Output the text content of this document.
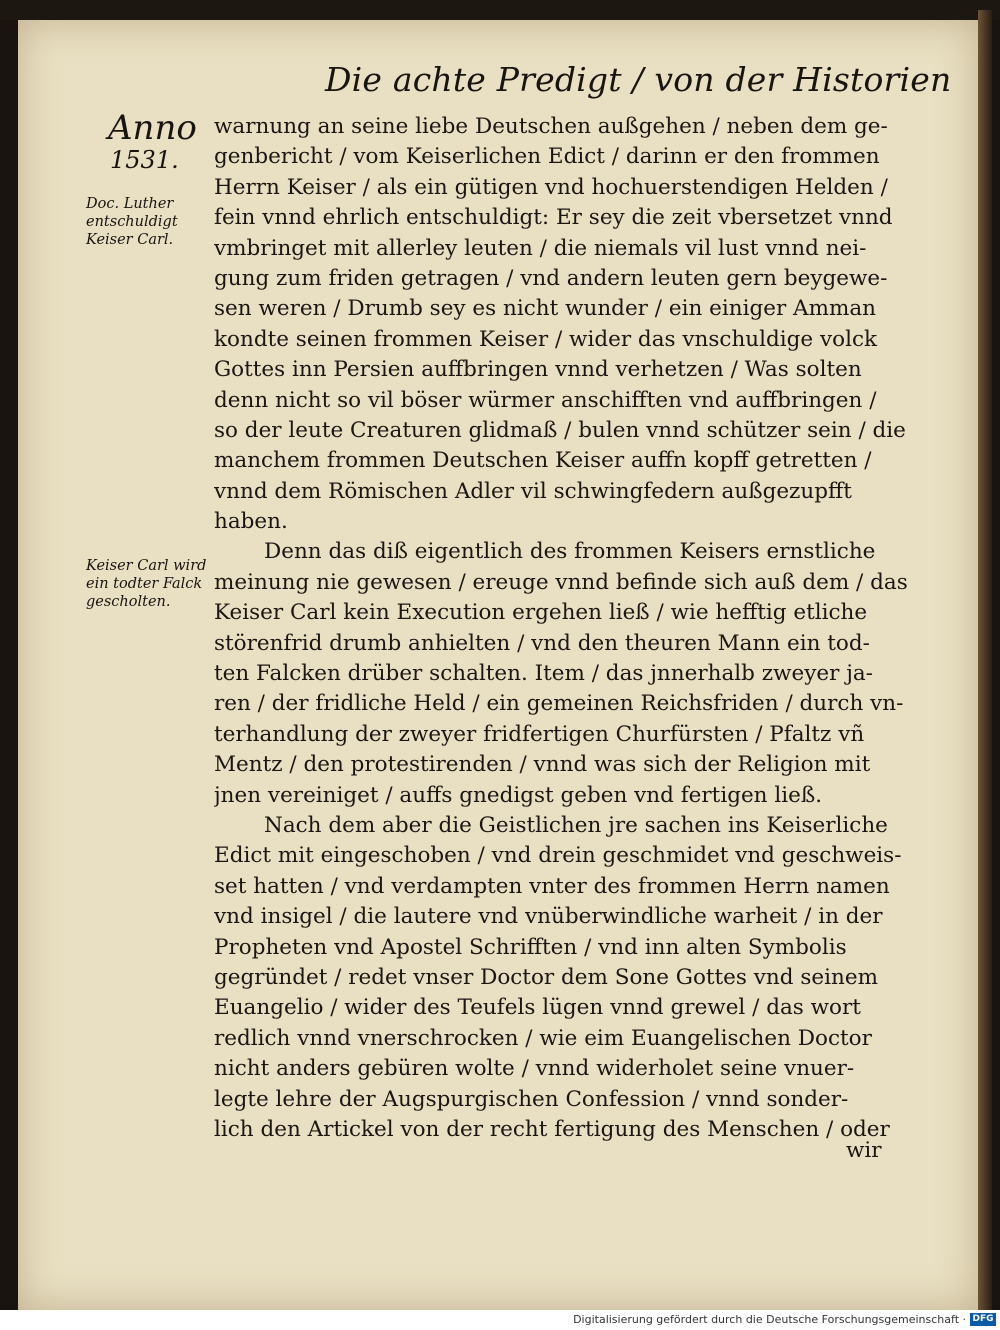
Die achte Predigt / von der Historien
Anno
1531.
Doc. Luther entschuldigt Keiser Carl.
Keiser Carl wird ein todter Falck gescholten.
warnung an seine liebe Deutschen außgehen / neben dem ge-
genbericht / vom Keiserlichen Edict / darinn er den frommen
Herrn Keiser / als ein gütigen vnd hochuerstendigen Helden /
fein vnnd ehrlich entschuldigt: Er sey die zeit vbersetzet vnnd
vmbringet mit allerley leuten / die niemals vil lust vnnd nei-
gung zum friden getragen / vnd andern leuten gern beygewe-
sen weren / Drumb sey es nicht wunder / ein einiger Amman
kondte seinen frommen Keiser / wider das vnschuldige volck
Gottes inn Persien auffbringen vnnd verhetzen / Was solten
denn nicht so vil böser würmer anschifften vnd auffbringen /
so der leute Creaturen glidmaß / bulen vnnd schützer sein / die
manchem frommen Deutschen Keiser auffn kopff getretten /
vnnd dem Römischen Adler vil schwingfedern außgezupfft
haben.
Denn das diß eigentlich des frommen Keisers ernstliche
meinung nie gewesen / ereuge vnnd befinde sich auß dem / das
Keiser Carl kein Execution ergehen ließ / wie hefftig etliche
störenfrid drumb anhielten / vnd den theuren Mann ein tod-
ten Falcken drüber schalten. Item / das jnnerhalb zweyer ja-
ren / der fridliche Held / ein gemeinen Reichsfriden / durch vn-
terhandlung der zweyer fridfertigen Churfürsten / Pfaltz vñ
Mentz / den protestirenden / vnnd was sich der Religion mit
jnen vereiniget / auffs gnedigst geben vnd fertigen ließ.
Nach dem aber die Geistlichen jre sachen ins Keiserliche
Edict mit eingeschoben / vnd drein geschmidet vnd geschweis-
set hatten / vnd verdampten vnter des frommen Herrn namen
vnd insigel / die lautere vnd vnüberwindliche warheit / in der
Propheten vnd Apostel Schrifften / vnd inn alten Symbolis
gegründet / redet vnser Doctor dem Sone Gottes vnd seinem
Euangelio / wider des Teufels lügen vnnd grewel / das wort
redlich vnnd vnerschrocken / wie eim Euangelischen Doctor
nicht anders gebüren wolte / vnnd widerholet seine vnuer-
legte lehre der Augspurgischen Confession / vnnd sonder-
lich den Artickel von der recht fertigung des Menschen / oder
wir
Digitalisierung gefördert durch die Deutsche Forschungsgemeinschaft · DFG
